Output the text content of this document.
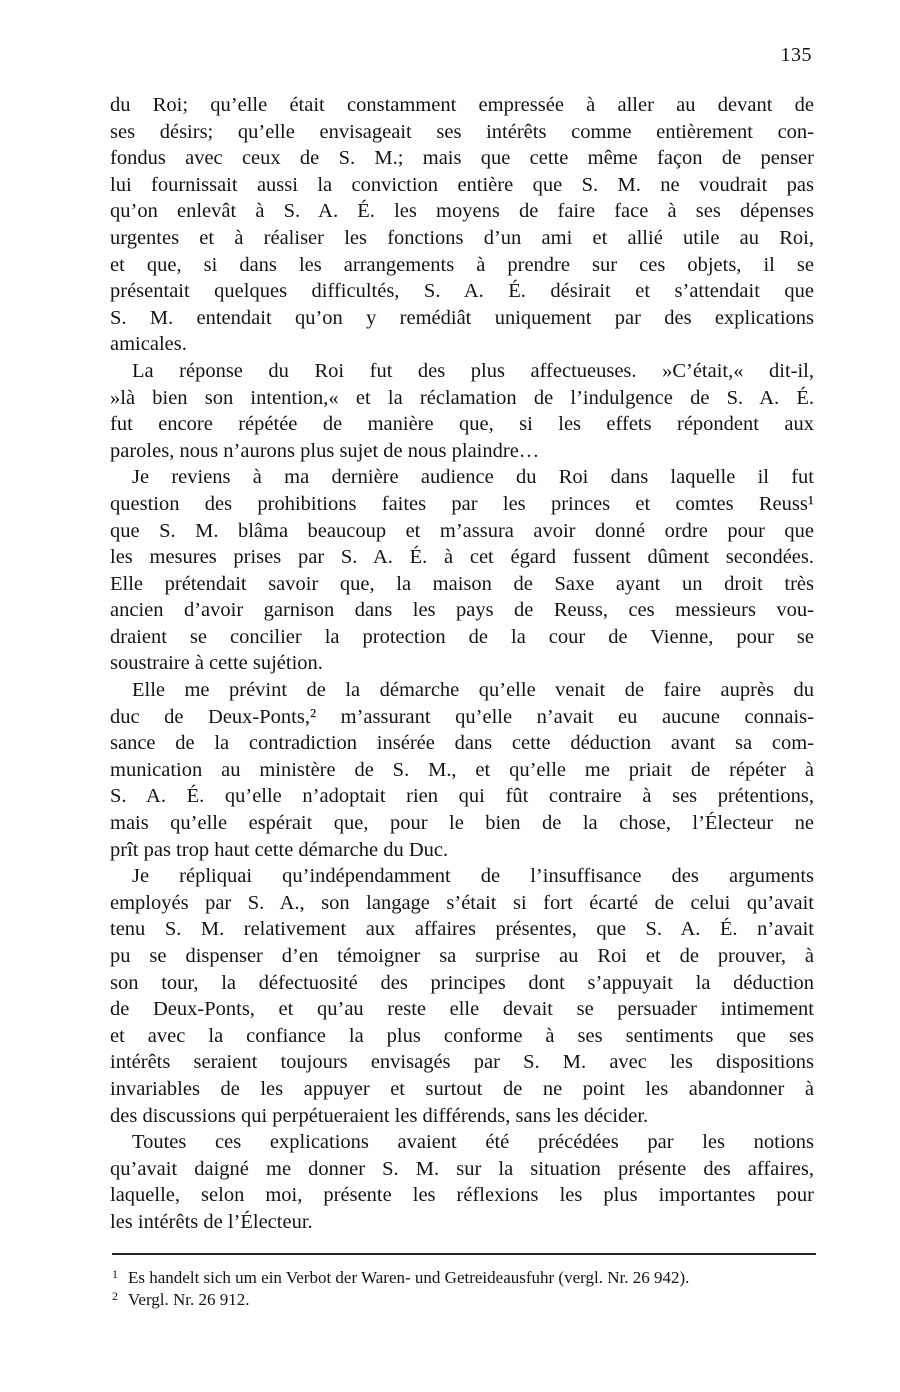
135
du Roi; qu’elle était constamment empressée à aller au devant de
ses désirs; qu’elle envisageait ses intérêts comme entièrement con-
fondus avec ceux de S. M.; mais que cette même façon de penser
lui fournissait aussi la conviction entière que S. M. ne voudrait pas
qu’on enlevât à S. A. É. les moyens de faire face à ses dépenses
urgentes et à réaliser les fonctions d’un ami et allié utile au Roi,
et que, si dans les arrangements à prendre sur ces objets, il se
présentait quelques difficultés, S. A. É. désirait et s’attendait que
S. M. entendait qu’on y remédiât uniquement par des explications
amicales.
La réponse du Roi fut des plus affectueuses. »C’était,« dit-il,
»là bien son intention,« et la réclamation de l’indulgence de S. A. É.
fut encore répétée de manière que, si les effets répondent aux
paroles, nous n’aurons plus sujet de nous plaindre…
Je reviens à ma dernière audience du Roi dans laquelle il fut
question des prohibitions faites par les princes et comtes Reuss¹
que S. M. blâma beaucoup et m’assura avoir donné ordre pour que
les mesures prises par S. A. É. à cet égard fussent dûment secondées.
Elle prétendait savoir que, la maison de Saxe ayant un droit très
ancien d’avoir garnison dans les pays de Reuss, ces messieurs vou-
draient se concilier la protection de la cour de Vienne, pour se
soustraire à cette sujétion.
Elle me prévint de la démarche qu’elle venait de faire auprès du
duc de Deux-Ponts,² m’assurant qu’elle n’avait eu aucune connais-
sance de la contradiction insérée dans cette déduction avant sa com-
munication au ministère de S. M., et qu’elle me priait de répéter à
S. A. É. qu’elle n’adoptait rien qui fût contraire à ses prétentions,
mais qu’elle espérait que, pour le bien de la chose, l’Électeur ne
prît pas trop haut cette démarche du Duc.
Je répliquai qu’indépendamment de l’insuffisance des arguments
employés par S. A., son langage s’était si fort écarté de celui qu’avait
tenu S. M. relativement aux affaires présentes, que S. A. É. n’avait
pu se dispenser d’en témoigner sa surprise au Roi et de prouver, à
son tour, la défectuosité des principes dont s’appuyait la déduction
de Deux-Ponts, et qu’au reste elle devait se persuader intimement
et avec la confiance la plus conforme à ses sentiments que ses
intérêts seraient toujours envisagés par S. M. avec les dispositions
invariables de les appuyer et surtout de ne point les abandonner à
des discussions qui perpétueraient les différends, sans les décider.
Toutes ces explications avaient été précédées par les notions
qu’avait daigné me donner S. M. sur la situation présente des affaires,
laquelle, selon moi, présente les réflexions les plus importantes pour
les intérêts de l’Électeur.
1 Es handelt sich um ein Verbot der Waren- und Getreideausfuhr (vergl. Nr. 26 942).
2 Vergl. Nr. 26 912.
